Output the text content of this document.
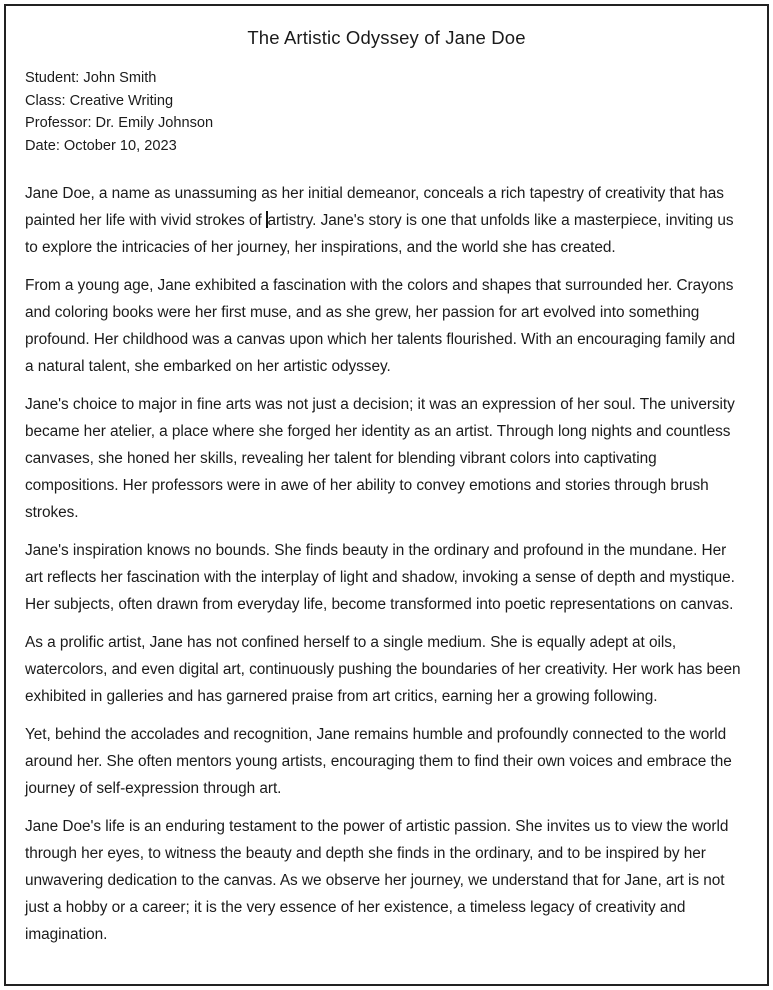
The Artistic Odyssey of Jane Doe
Student: John Smith
Class: Creative Writing
Professor: Dr. Emily Johnson
Date: October 10, 2023

Jane Doe, a name as unassuming as her initial demeanor, conceals a rich tapestry of creativity that has painted her life with vivid strokes of artistry. Jane's story is one that unfolds like a masterpiece, inviting us to explore the intricacies of her journey, her inspirations, and the world she has created.

From a young age, Jane exhibited a fascination with the colors and shapes that surrounded her. Crayons and coloring books were her first muse, and as she grew, her passion for art evolved into something profound. Her childhood was a canvas upon which her talents flourished. With an encouraging family and a natural talent, she embarked on her artistic odyssey.

Jane's choice to major in fine arts was not just a decision; it was an expression of her soul. The university became her atelier, a place where she forged her identity as an artist. Through long nights and countless canvases, she honed her skills, revealing her talent for blending vibrant colors into captivating compositions. Her professors were in awe of her ability to convey emotions and stories through brush strokes.

Jane's inspiration knows no bounds. She finds beauty in the ordinary and profound in the mundane. Her art reflects her fascination with the interplay of light and shadow, invoking a sense of depth and mystique. Her subjects, often drawn from everyday life, become transformed into poetic representations on canvas.

As a prolific artist, Jane has not confined herself to a single medium. She is equally adept at oils, watercolors, and even digital art, continuously pushing the boundaries of her creativity. Her work has been exhibited in galleries and has garnered praise from art critics, earning her a growing following.

Yet, behind the accolades and recognition, Jane remains humble and profoundly connected to the world around her. She often mentors young artists, encouraging them to find their own voices and embrace the journey of self-expression through art.

Jane Doe's life is an enduring testament to the power of artistic passion. She invites us to view the world through her eyes, to witness the beauty and depth she finds in the ordinary, and to be inspired by her unwavering dedication to the canvas. As we observe her journey, we understand that for Jane, art is not just a hobby or a career; it is the very essence of her existence, a timeless legacy of creativity and imagination.
